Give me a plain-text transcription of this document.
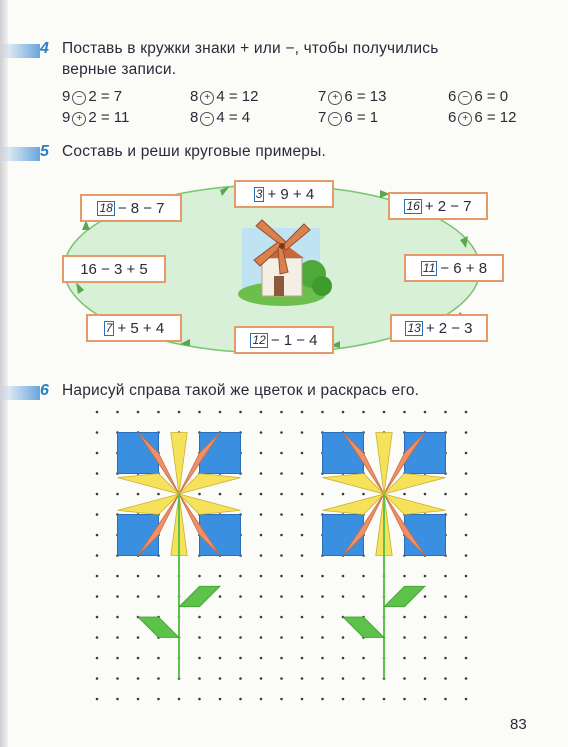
4 Поставь в кружки знаки + или −, чтобы получились
верные записи.
9 − 2 = 7	8 + 4 = 12	7 + 6 = 13	6 − 6 = 0
9 + 2 = 11	8 − 4 = 4	7 − 6 = 1	6 + 6 = 12
5 Составь и реши круговые примеры.
18 − 8 − 7
3 + 9 + 4
16 + 2 − 7
16 − 3 + 5	11 − 6 + 8
7 + 5 + 4
12 − 1 − 4
13 + 2 − 3
6 Нарисуй справа такой же цветок и раскрась его.
83
